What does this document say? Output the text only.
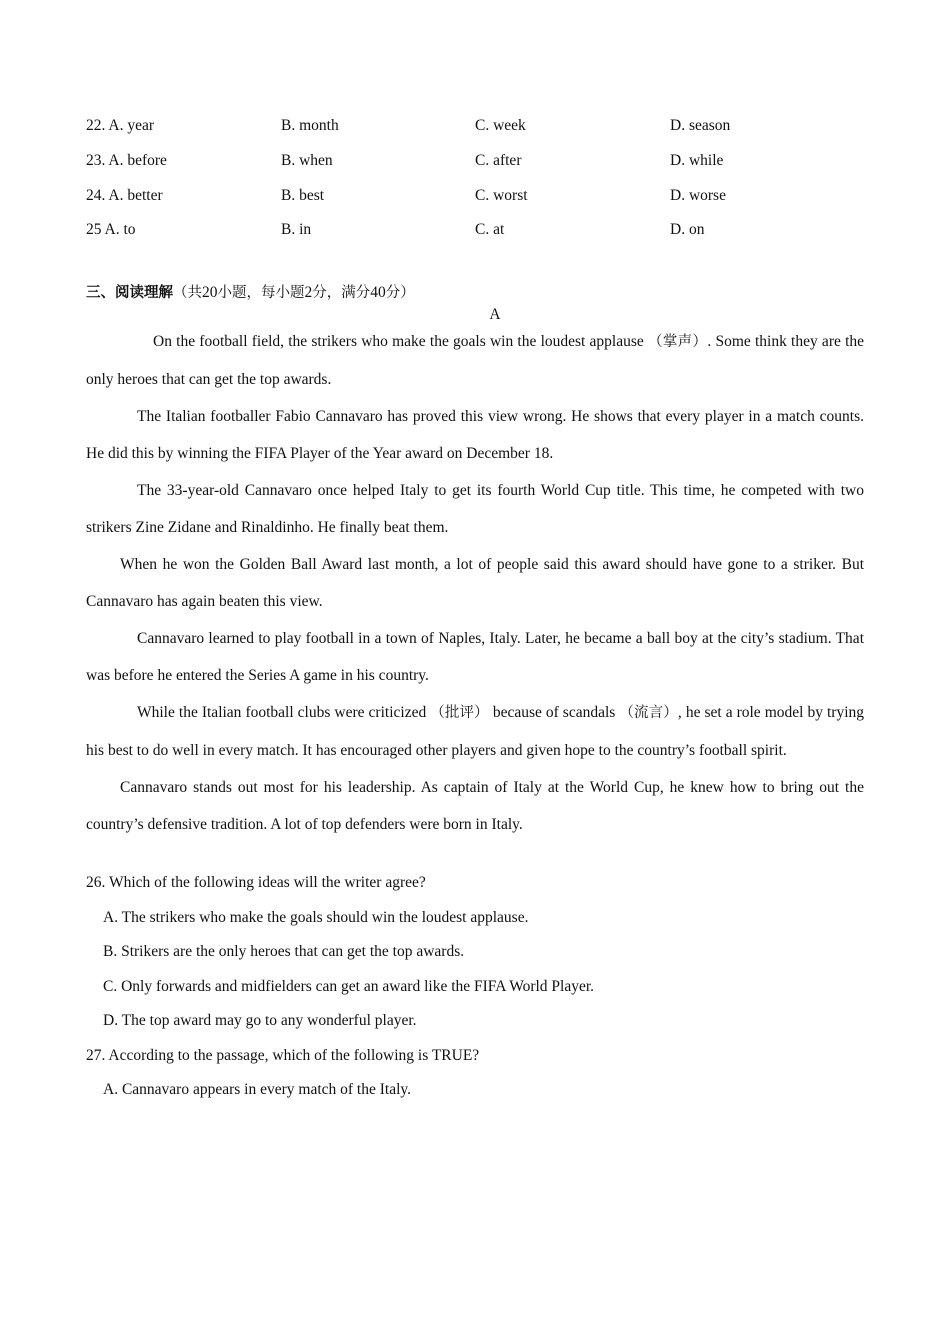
22. A. year	B. month	C. week	D. season
23. A. before	B. when	C. after	D. while
24. A. better	B. best	C. worst	D. worse
25 A. to	B. in	C. at	D. on
三、阅读理解（共20小题，每小题2分，满分40分）
A

On the football field, the strikers who make the goals win the loudest applause （掌声）. Some think they are the only heroes that can get the top awards.

The Italian footballer Fabio Cannavaro has proved this view wrong. He shows that every player in a match counts. He did this by winning the FIFA Player of the Year award on December 18.

The 33-year-old Cannavaro once helped Italy to get its fourth World Cup title. This time, he competed with two strikers Zine Zidane and Rinaldinho. He finally beat them.

When he won the Golden Ball Award last month, a lot of people said this award should have gone to a striker. But Cannavaro has again beaten this view.

Cannavaro learned to play football in a town of Naples, Italy. Later, he became a ball boy at the city’s stadium. That was before he entered the Series A game in his country.

While the Italian football clubs were criticized （批评） because of scandals （流言）, he set a role model by trying his best to do well in every match. It has encouraged other players and given hope to the country’s football spirit.

Cannavaro stands out most for his leadership. As captain of Italy at the World Cup, he knew how to bring out the country’s defensive tradition. A lot of top defenders were born in Italy.

26. Which of the following ideas will the writer agree?
A. The strikers who make the goals should win the loudest applause.
B. Strikers are the only heroes that can get the top awards.
C. Only forwards and midfielders can get an award like the FIFA World Player.
D. The top award may go to any wonderful player.
27. According to the passage, which of the following is TRUE?
A. Cannavaro appears in every match of the Italy.
